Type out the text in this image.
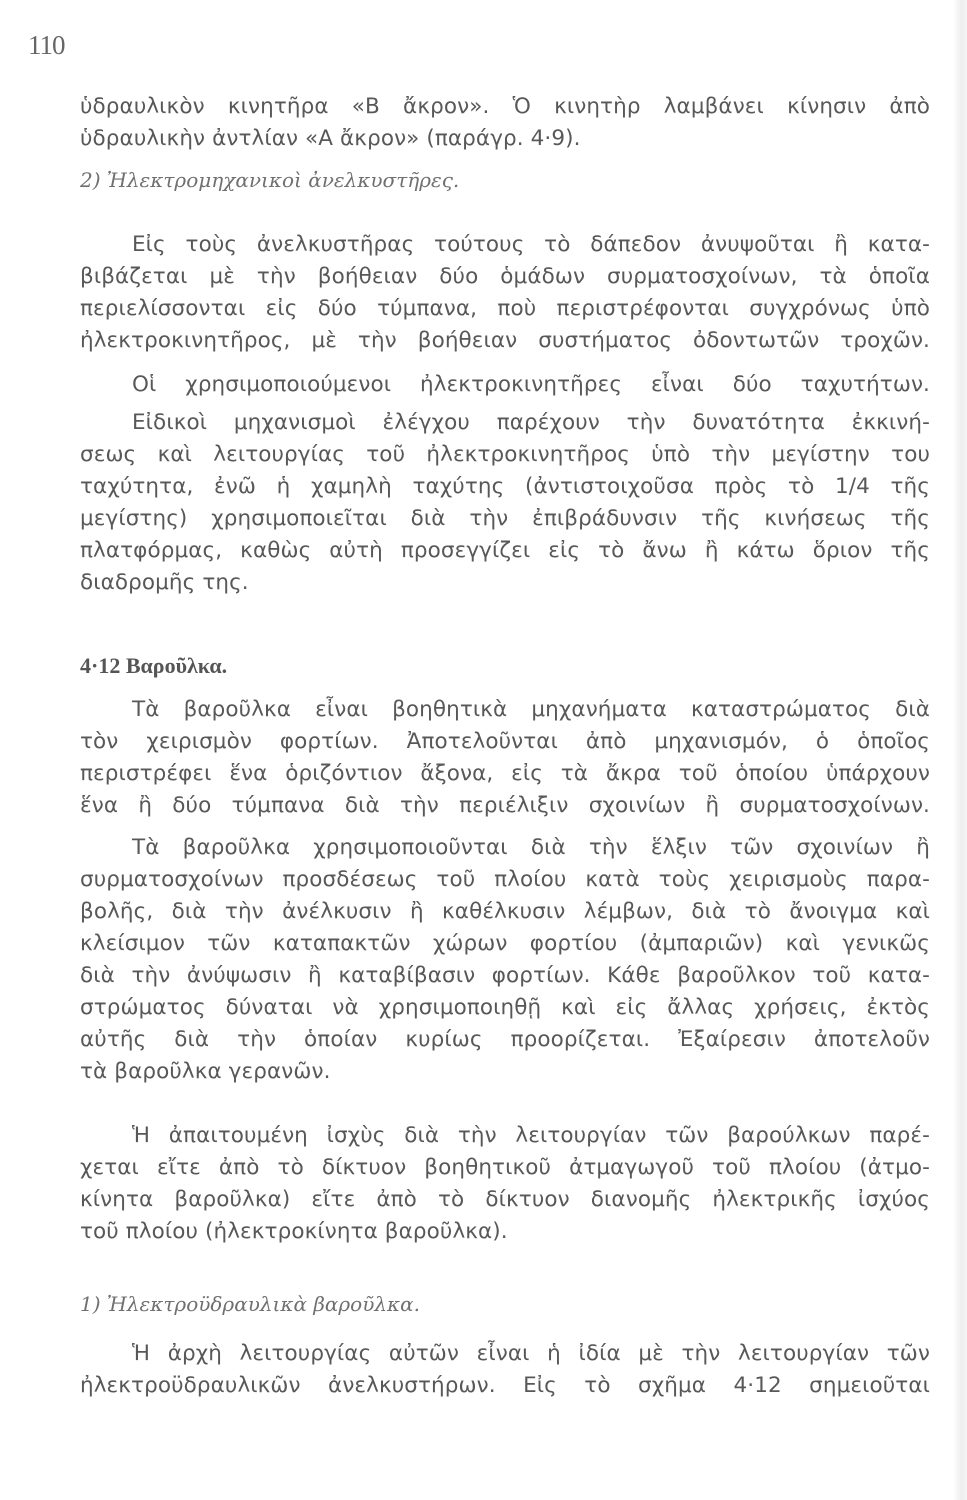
110
ὑδραυλικὸν κινητῆρα «Β ἄκρον». Ὁ κινητὴρ λαμβάνει κίνησιν ἀπὸ
ὑδραυλικὴν ἀντλίαν «Α ἄκρον» (παράγρ. 4·9).
2) Ἠλεκτρομηχανικοὶ ἀνελκυστῆρες.
Εἰς τοὺς ἀνελκυστῆρας τούτους τὸ δάπεδον ἀνυψοῦται ἢ κατα-
βιβάζεται μὲ τὴν βοήθειαν δύο ὁμάδων συρματοσχοίνων, τὰ ὁποῖα
περιελίσσονται εἰς δύο τύμπανα, ποὺ περιστρέφονται συγχρόνως ὑπὸ
ἠλεκτροκινητῆρος, μὲ τὴν βοήθειαν συστήματος ὀδοντωτῶν τροχῶν.
Οἱ χρησιμοποιούμενοι ἠλεκτροκινητῆρες εἶναι δύο ταχυτήτων.
Εἰδικοὶ μηχανισμοὶ ἐλέγχου παρέχουν τὴν δυνατότητα ἐκκινή-
σεως καὶ λειτουργίας τοῦ ἠλεκτροκινητῆρος ὑπὸ τὴν μεγίστην του
ταχύτητα, ἐνῶ ἡ χαμηλὴ ταχύτης (ἀντιστοιχοῦσα πρὸς τὸ 1/4 τῆς
μεγίστης) χρησιμοποιεῖται διὰ τὴν ἐπιβράδυνσιν τῆς κινήσεως τῆς
πλατφόρμας, καθὼς αὐτὴ προσεγγίζει εἰς τὸ ἄνω ἢ κάτω ὅριον τῆς
διαδρομῆς της.
4·12 Βαροῦλκα.
Τὰ βαροῦλκα εἶναι βοηθητικὰ μηχανήματα καταστρώματος διὰ
τὸν χειρισμὸν φορτίων. Ἀποτελοῦνται ἀπὸ μηχανισμόν, ὁ ὁποῖος
περιστρέφει ἕνα ὁριζόντιον ἄξονα, εἰς τὰ ἄκρα τοῦ ὁποίου ὑπάρχουν
ἕνα ἢ δύο τύμπανα διὰ τὴν περιέλιξιν σχοινίων ἢ συρματοσχοίνων.
Τὰ βαροῦλκα χρησιμοποιοῦνται διὰ τὴν ἕλξιν τῶν σχοινίων ἢ
συρματοσχοίνων προσδέσεως τοῦ πλοίου κατὰ τοὺς χειρισμοὺς παρα-
βολῆς, διὰ τὴν ἀνέλκυσιν ἢ καθέλκυσιν λέμβων, διὰ τὸ ἄνοιγμα καὶ
κλείσιμον τῶν καταπακτῶν χώρων φορτίου (ἀμπαριῶν) καὶ γενικῶς
διὰ τὴν ἀνύψωσιν ἢ καταβίβασιν φορτίων. Κάθε βαροῦλκον τοῦ κατα-
στρώματος δύναται νὰ χρησιμοποιηθῇ καὶ εἰς ἄλλας χρήσεις, ἐκτὸς
αὐτῆς διὰ τὴν ὁποίαν κυρίως προορίζεται. Ἐξαίρεσιν ἀποτελοῦν
τὰ βαροῦλκα γερανῶν.
Ἡ ἀπαιτουμένη ἰσχὺς διὰ τὴν λειτουργίαν τῶν βαρούλκων παρέ-
χεται εἴτε ἀπὸ τὸ δίκτυον βοηθητικοῦ ἀτμαγωγοῦ τοῦ πλοίου (ἀτμο-
κίνητα βαροῦλκα) εἴτε ἀπὸ τὸ δίκτυον διανομῆς ἠλεκτρικῆς ἰσχύος
τοῦ πλοίου (ἠλεκτροκίνητα βαροῦλκα).
1) Ἠλεκτροϋδραυλικὰ βαροῦλκα.
Ἡ ἀρχὴ λειτουργίας αὐτῶν εἶναι ἡ ἰδία μὲ τὴν λειτουργίαν τῶν
ἠλεκτροϋδραυλικῶν ἀνελκυστήρων. Εἰς τὸ σχῆμα 4·12 σημειοῦται
